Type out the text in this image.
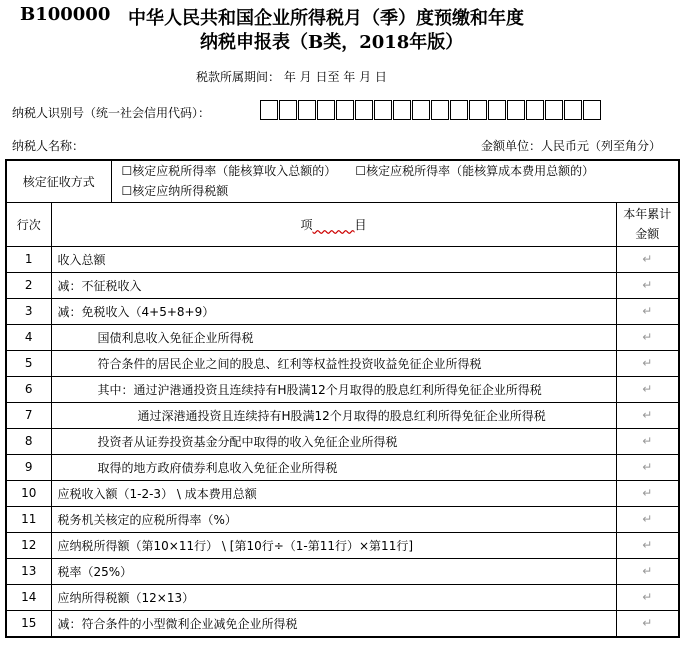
B100000 中华人民共和国企业所得税月（季）度预缴和年度
纳税申报表（B类，2018年版）
税款所属期间： 年 月 日至 年 月 日
纳税人识别号（统一社会信用代码）：
纳税人名称：	金额单位：人民币元（列至角分）
核定征收方式		☐核定应税所得率（能核算收入总额的） ☐核定应税所得率（能核算成本费用总额的）
☐核定应纳所得税额	
行次	项 目		本年累计
金额
1	收入总额		↵
2	减：不征税收入		↵
3	减：免税收入（4+5+8+9）		↵
4	国债利息收入免征企业所得税		↵
5	符合条件的居民企业之间的股息、红利等权益性投资收益免征企业所得税		↵
6	其中：通过沪港通投资且连续持有H股满12个月取得的股息红利所得免征企业所得税		↵
7	通过深港通投资且连续持有H股满12个月取得的股息红利所得免征企业所得税		↵
8	投资者从证券投资基金分配中取得的收入免征企业所得税		↵
9	取得的地方政府债券利息收入免征企业所得税		↵
10	应税收入额（1-2-3） \ 成本费用总额		↵
11	税务机关核定的应税所得率（%）		↵
12	应纳税所得额（第10×11行） \ [第10行÷（1-第11行）×第11行]		↵
13	税率（25%）		↵
14	应纳所得税额（12×13）		↵
15	减：符合条件的小型微利企业减免企业所得税		↵
